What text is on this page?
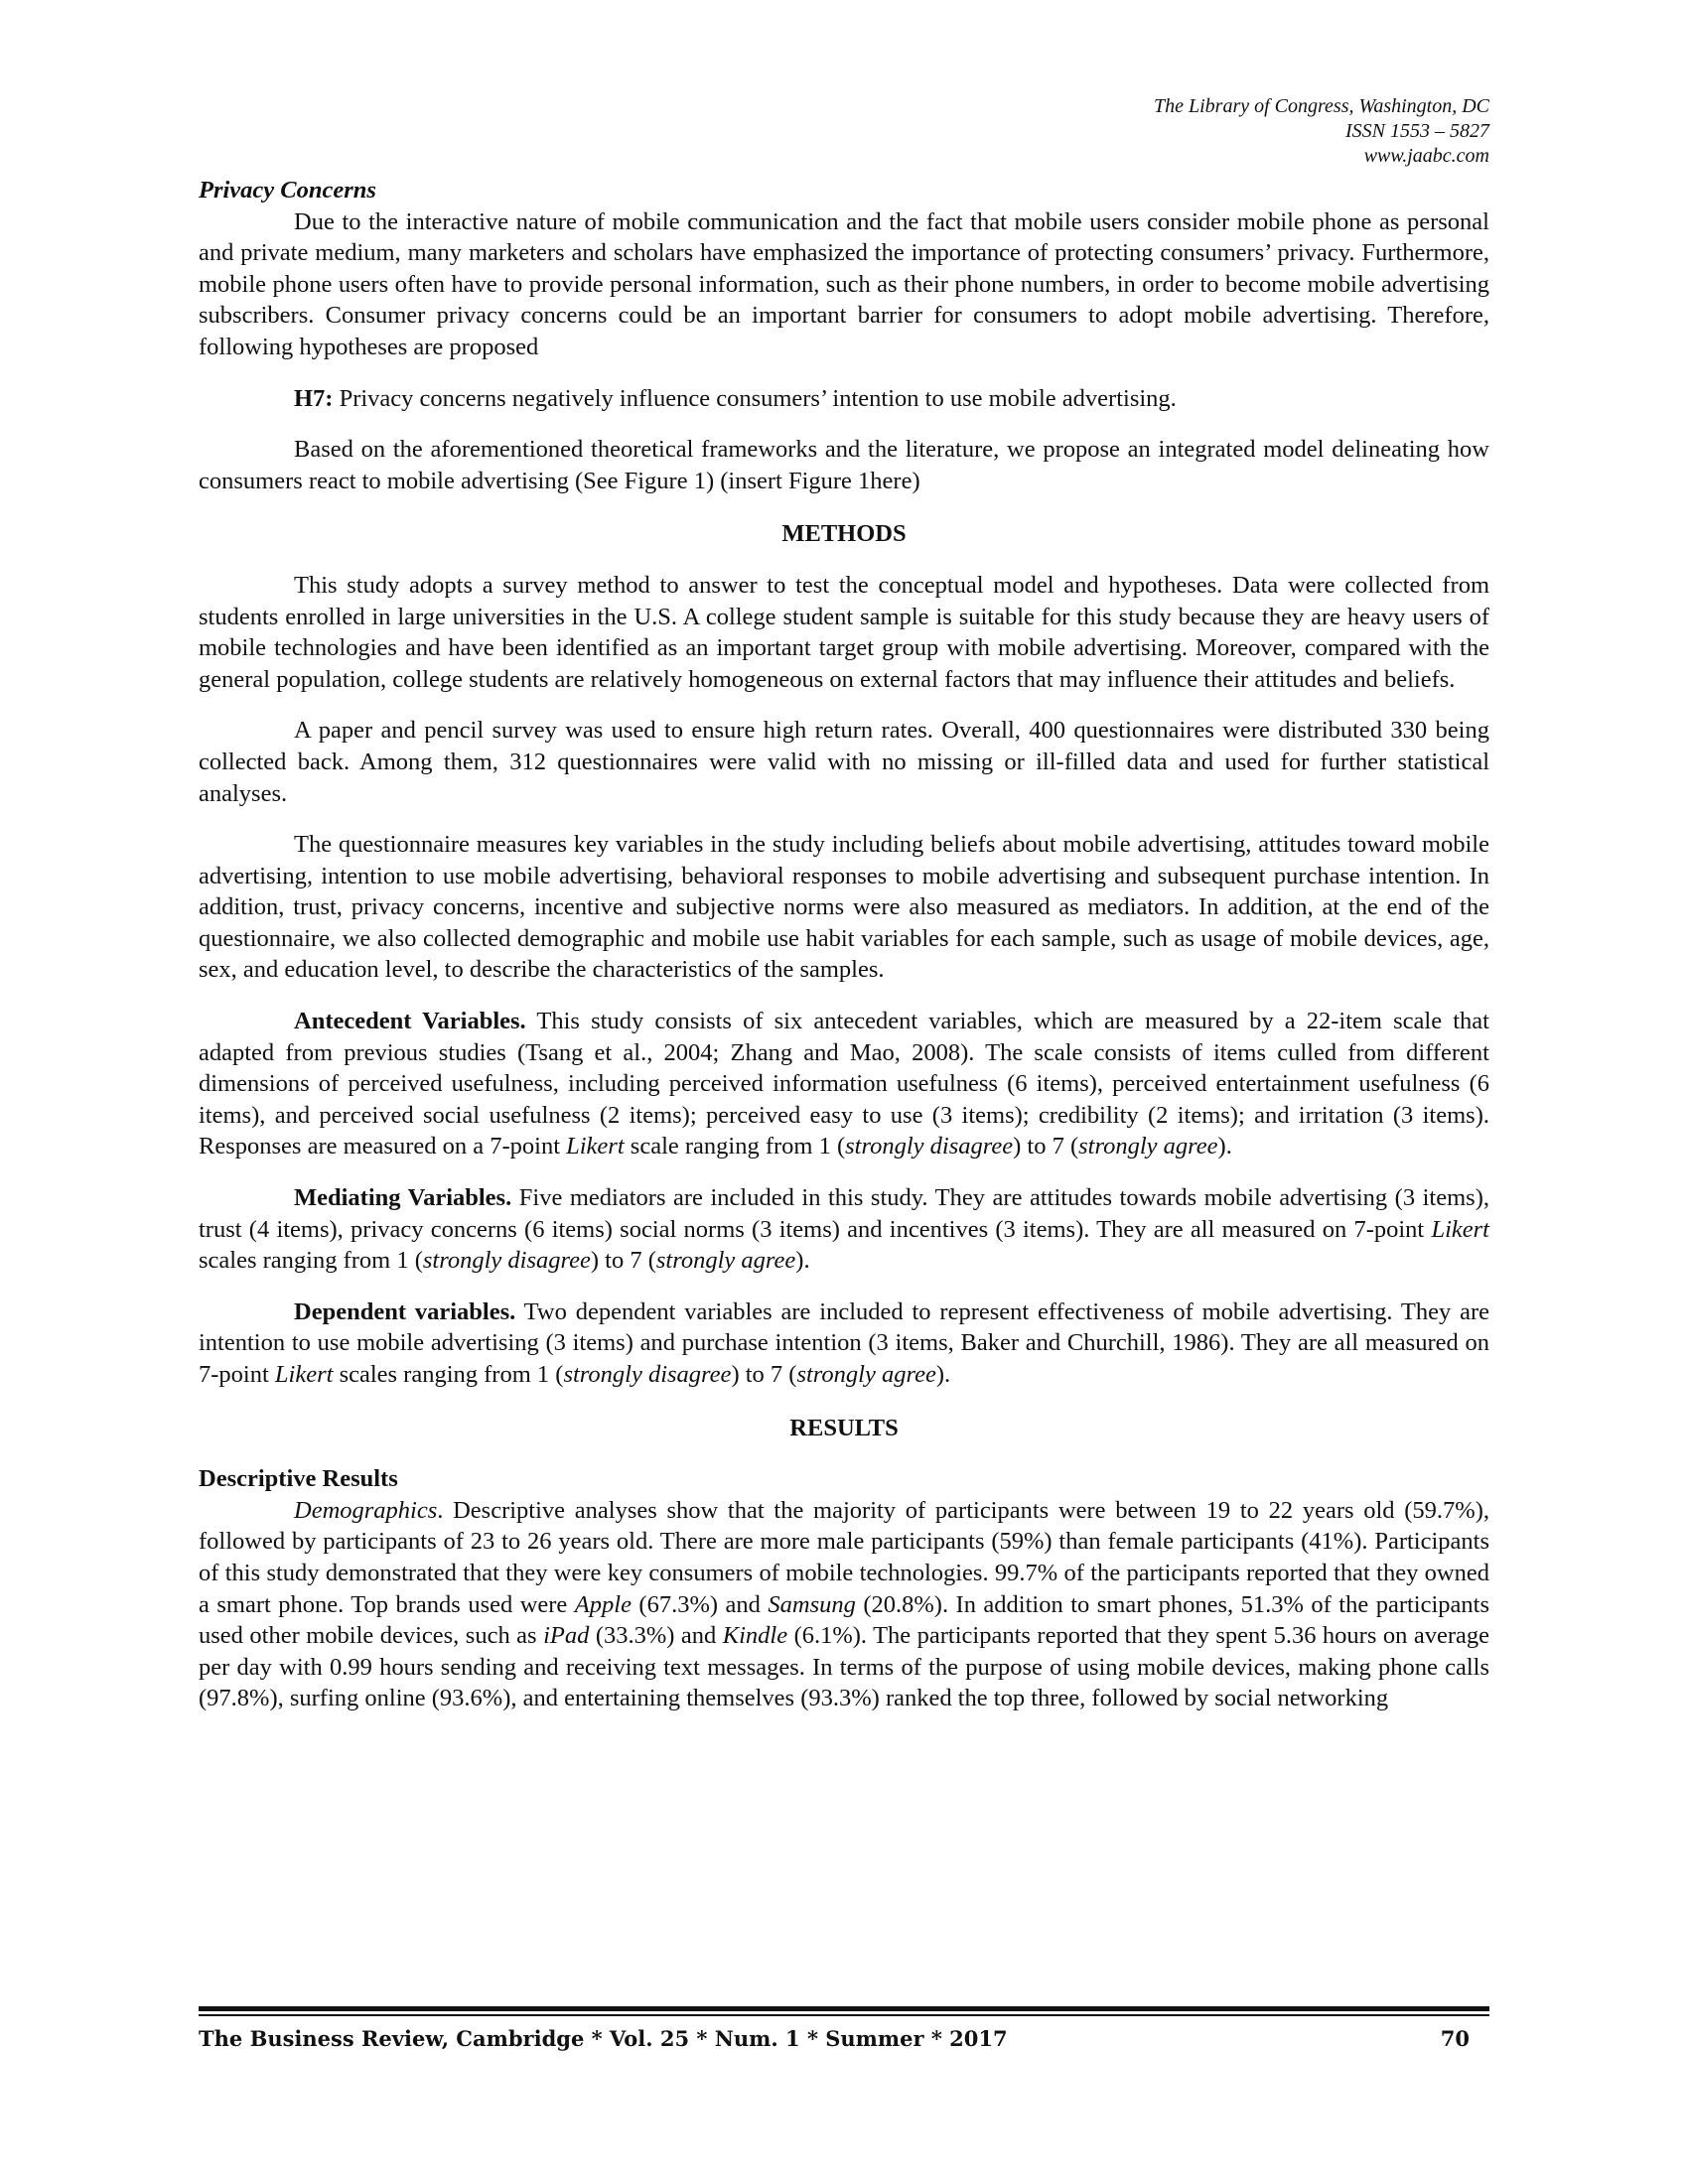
The Library of Congress, Washington, DC
ISSN 1553 – 5827
www.jaabc.com
Privacy Concerns

Due to the interactive nature of mobile communication and the fact that mobile users consider mobile phone as personal and private medium, many marketers and scholars have emphasized the importance of protecting consumers’ privacy. Furthermore, mobile phone users often have to provide personal information, such as their phone numbers, in order to become mobile advertising subscribers. Consumer privacy concerns could be an important barrier for consumers to adopt mobile advertising. Therefore, following hypotheses are proposed

H7: Privacy concerns negatively influence consumers’ intention to use mobile advertising.

Based on the aforementioned theoretical frameworks and the literature, we propose an integrated model delineating how consumers react to mobile advertising (See Figure 1) (insert Figure 1here)

METHODS

This study adopts a survey method to answer to test the conceptual model and hypotheses. Data were collected from students enrolled in large universities in the U.S. A college student sample is suitable for this study because they are heavy users of mobile technologies and have been identified as an important target group with mobile advertising. Moreover, compared with the general population, college students are relatively homogeneous on external factors that may influence their attitudes and beliefs.

A paper and pencil survey was used to ensure high return rates. Overall, 400 questionnaires were distributed 330 being collected back. Among them, 312 questionnaires were valid with no missing or ill-filled data and used for further statistical analyses.

The questionnaire measures key variables in the study including beliefs about mobile advertising, attitudes toward mobile advertising, intention to use mobile advertising, behavioral responses to mobile advertising and subsequent purchase intention. In addition, trust, privacy concerns, incentive and subjective norms were also measured as mediators. In addition, at the end of the questionnaire, we also collected demographic and mobile use habit variables for each sample, such as usage of mobile devices, age, sex, and education level, to describe the characteristics of the samples.

Antecedent Variables. This study consists of six antecedent variables, which are measured by a 22-item scale that adapted from previous studies (Tsang et al., 2004; Zhang and Mao, 2008). The scale consists of items culled from different dimensions of perceived usefulness, including perceived information usefulness (6 items), perceived entertainment usefulness (6 items), and perceived social usefulness (2 items); perceived easy to use (3 items); credibility (2 items); and irritation (3 items). Responses are measured on a 7-point Likert scale ranging from 1 (strongly disagree) to 7 (strongly agree).

Mediating Variables. Five mediators are included in this study. They are attitudes towards mobile advertising (3 items), trust (4 items), privacy concerns (6 items) social norms (3 items) and incentives (3 items). They are all measured on 7-point Likert scales ranging from 1 (strongly disagree) to 7 (strongly agree).

Dependent variables. Two dependent variables are included to represent effectiveness of mobile advertising. They are intention to use mobile advertising (3 items) and purchase intention (3 items, Baker and Churchill, 1986). They are all measured on 7-point Likert scales ranging from 1 (strongly disagree) to 7 (strongly agree).

RESULTS
Descriptive Results

Demographics. Descriptive analyses show that the majority of participants were between 19 to 22 years old (59.7%), followed by participants of 23 to 26 years old. There are more male participants (59%) than female participants (41%). Participants of this study demonstrated that they were key consumers of mobile technologies. 99.7% of the participants reported that they owned a smart phone. Top brands used were Apple (67.3%) and Samsung (20.8%). In addition to smart phones, 51.3% of the participants used other mobile devices, such as iPad (33.3%) and Kindle (6.1%). The participants reported that they spent 5.36 hours on average per day with 0.99 hours sending and receiving text messages. In terms of the purpose of using mobile devices, making phone calls (97.8%), surfing online (93.6%), and entertaining themselves (93.3%) ranked the top three, followed by social networking

The Business Review, Cambridge * Vol. 25 * Num. 1 * Summer * 2017	70
